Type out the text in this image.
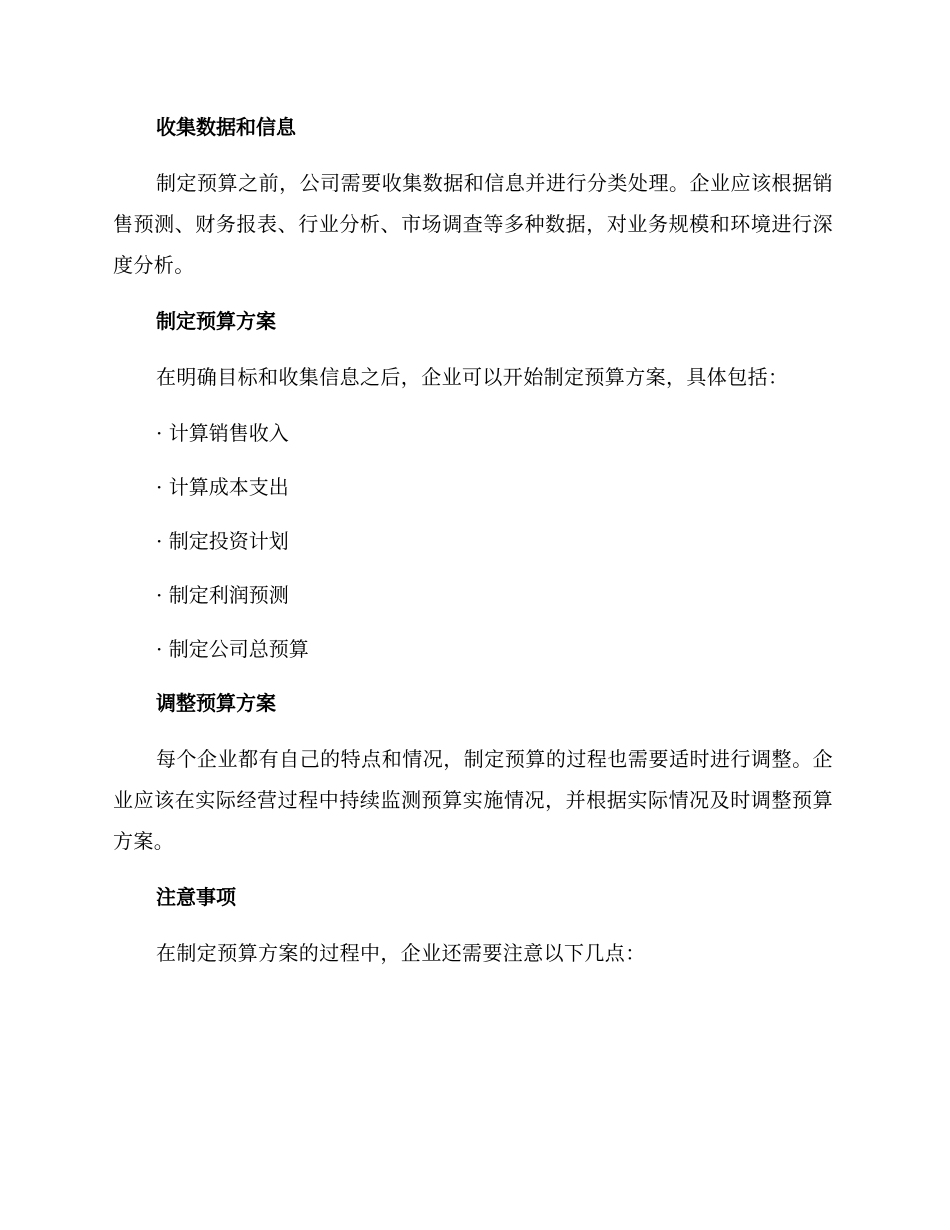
收集数据和信息

制定预算之前，公司需要收集数据和信息并进行分类处理。企业应该根据销售预测、财务报表、行业分析、市场调查等多种数据，对业务规模和环境进行深度分析。

制定预算方案

在明确目标和收集信息之后，企业可以开始制定预算方案，具体包括：

· 计算销售收入

· 计算成本支出

· 制定投资计划

· 制定利润预测

· 制定公司总预算

调整预算方案

每个企业都有自己的特点和情况，制定预算的过程也需要适时进行调整。企业应该在实际经营过程中持续监测预算实施情况，并根据实际情况及时调整预算方案。

注意事项

在制定预算方案的过程中，企业还需要注意以下几点：
